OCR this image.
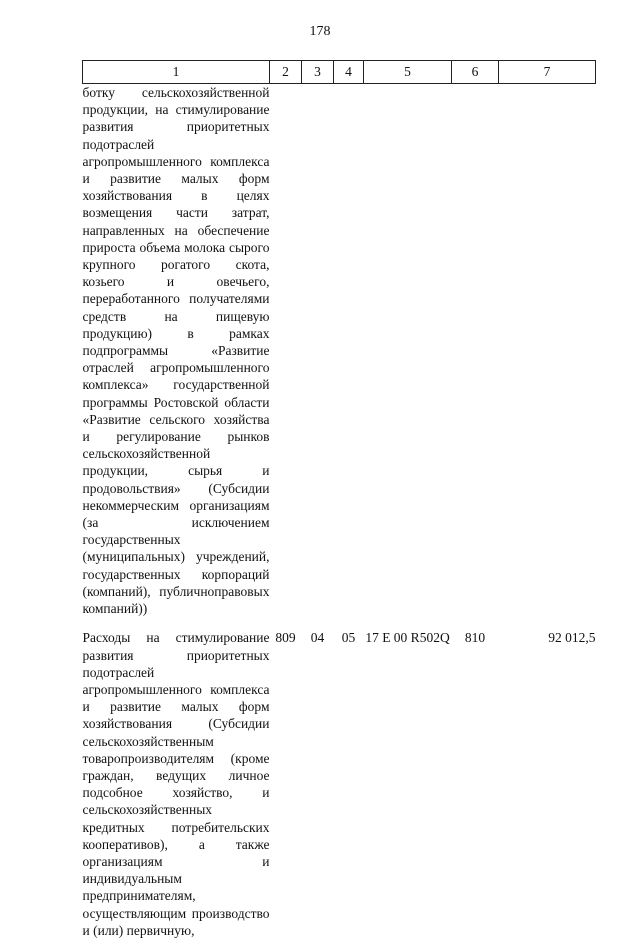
178
1	2	3	4	5	6	7
ботку сельскохозяйственной продукции, на стимулирование развития приоритетных подотраслей агропромышленного комплекса и развитие малых форм хозяйствования в целях возмещения части затрат, направленных на обеспечение прироста объема молока сырого крупного рогатого скота, козьего и овечьего, переработанного получателями средств на пищевую продукцию) в рамках подпрограммы «Развитие отраслей агропромышленного комплекса» государственной программы Ростовской области «Развитие сельского хозяйства и регулирование рынков сельскохозяйственной продукции, сырья и продовольствия» (Субсидии некоммерческим организациям (за исключением государственных (муниципальных) учреждений, государственных корпораций (компаний), публичноправовых компаний))						

Расходы на стимулирование развития приоритетных подотраслей агропромышленного комплекса и развитие малых форм хозяйствования (Субсидии сельскохозяйственным товаропроизводителям (кроме граждан, ведущих личное подсобное хозяйство, и сельскохозяйственных кредитных потребительских кооперативов), а также организациям и индивидуальным предпринимателям, осуществляющим производство и (или) первичную,	809	04	05	17 Е 00 R502Q	810	92 012,5
